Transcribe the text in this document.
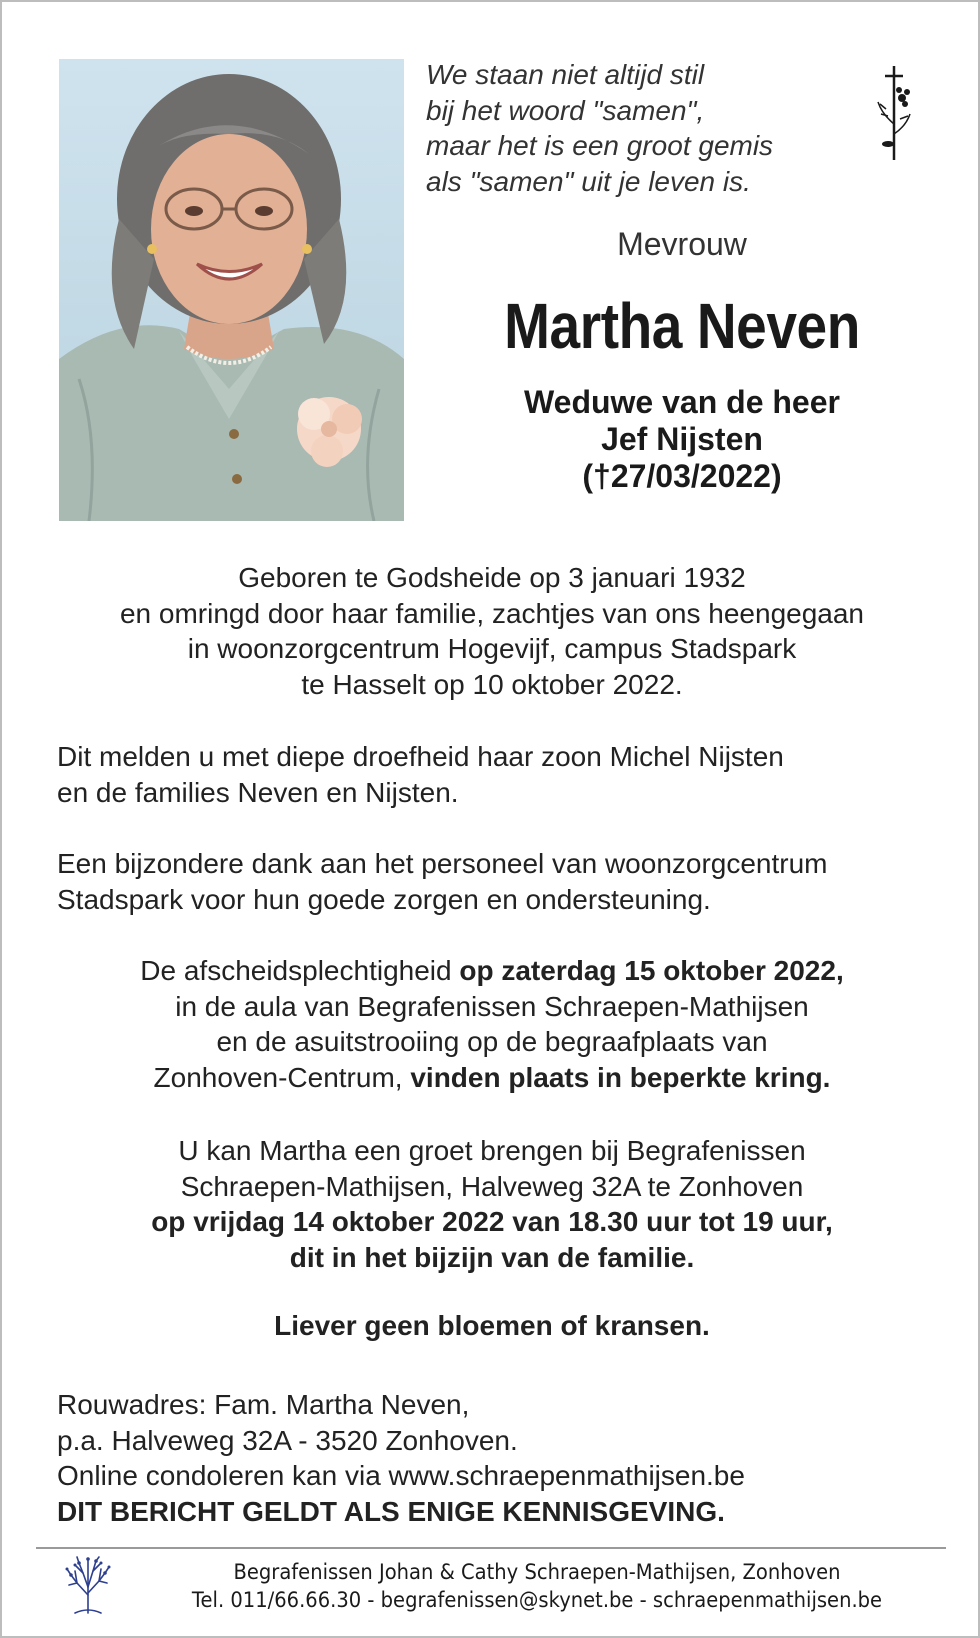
We staan niet altijd stil
bij het woord "samen",
maar het is een groot gemis
als "samen" uit je leven is.
Mevrouw
Martha Neven
Weduwe van de heer
Jef Nijsten
(†27/03/2022)
Geboren te Godsheide op 3 januari 1932
en omringd door haar familie, zachtjes van ons heengegaan
in woonzorgcentrum Hogevijf, campus Stadspark
te Hasselt op 10 oktober 2022.
Dit melden u met diepe droefheid haar zoon Michel Nijsten
en de families Neven en Nijsten.
Een bijzondere dank aan het personeel van woonzorgcentrum
Stadspark voor hun goede zorgen en ondersteuning.
De afscheidsplechtigheid op zaterdag 15 oktober 2022,
in de aula van Begrafenissen Schraepen-Mathijsen
en de asuitstrooiing op de begraafplaats van
Zonhoven-Centrum, vinden plaats in beperkte kring.
U kan Martha een groet brengen bij Begrafenissen
Schraepen-Mathijsen, Halveweg 32A te Zonhoven
op vrijdag 14 oktober 2022 van 18.30 uur tot 19 uur,
dit in het bijzijn van de familie.
Liever geen bloemen of kransen.
Rouwadres: Fam. Martha Neven,
p.a. Halveweg 32A - 3520 Zonhoven.
Online condoleren kan via www.schraepenmathijsen.be
DIT BERICHT GELDT ALS ENIGE KENNISGEVING.
Begrafenissen Johan & Cathy Schraepen-Mathijsen, Zonhoven
Tel. 011/66.66.30 - begrafenissen@skynet.be - schraepenmathijsen.be
